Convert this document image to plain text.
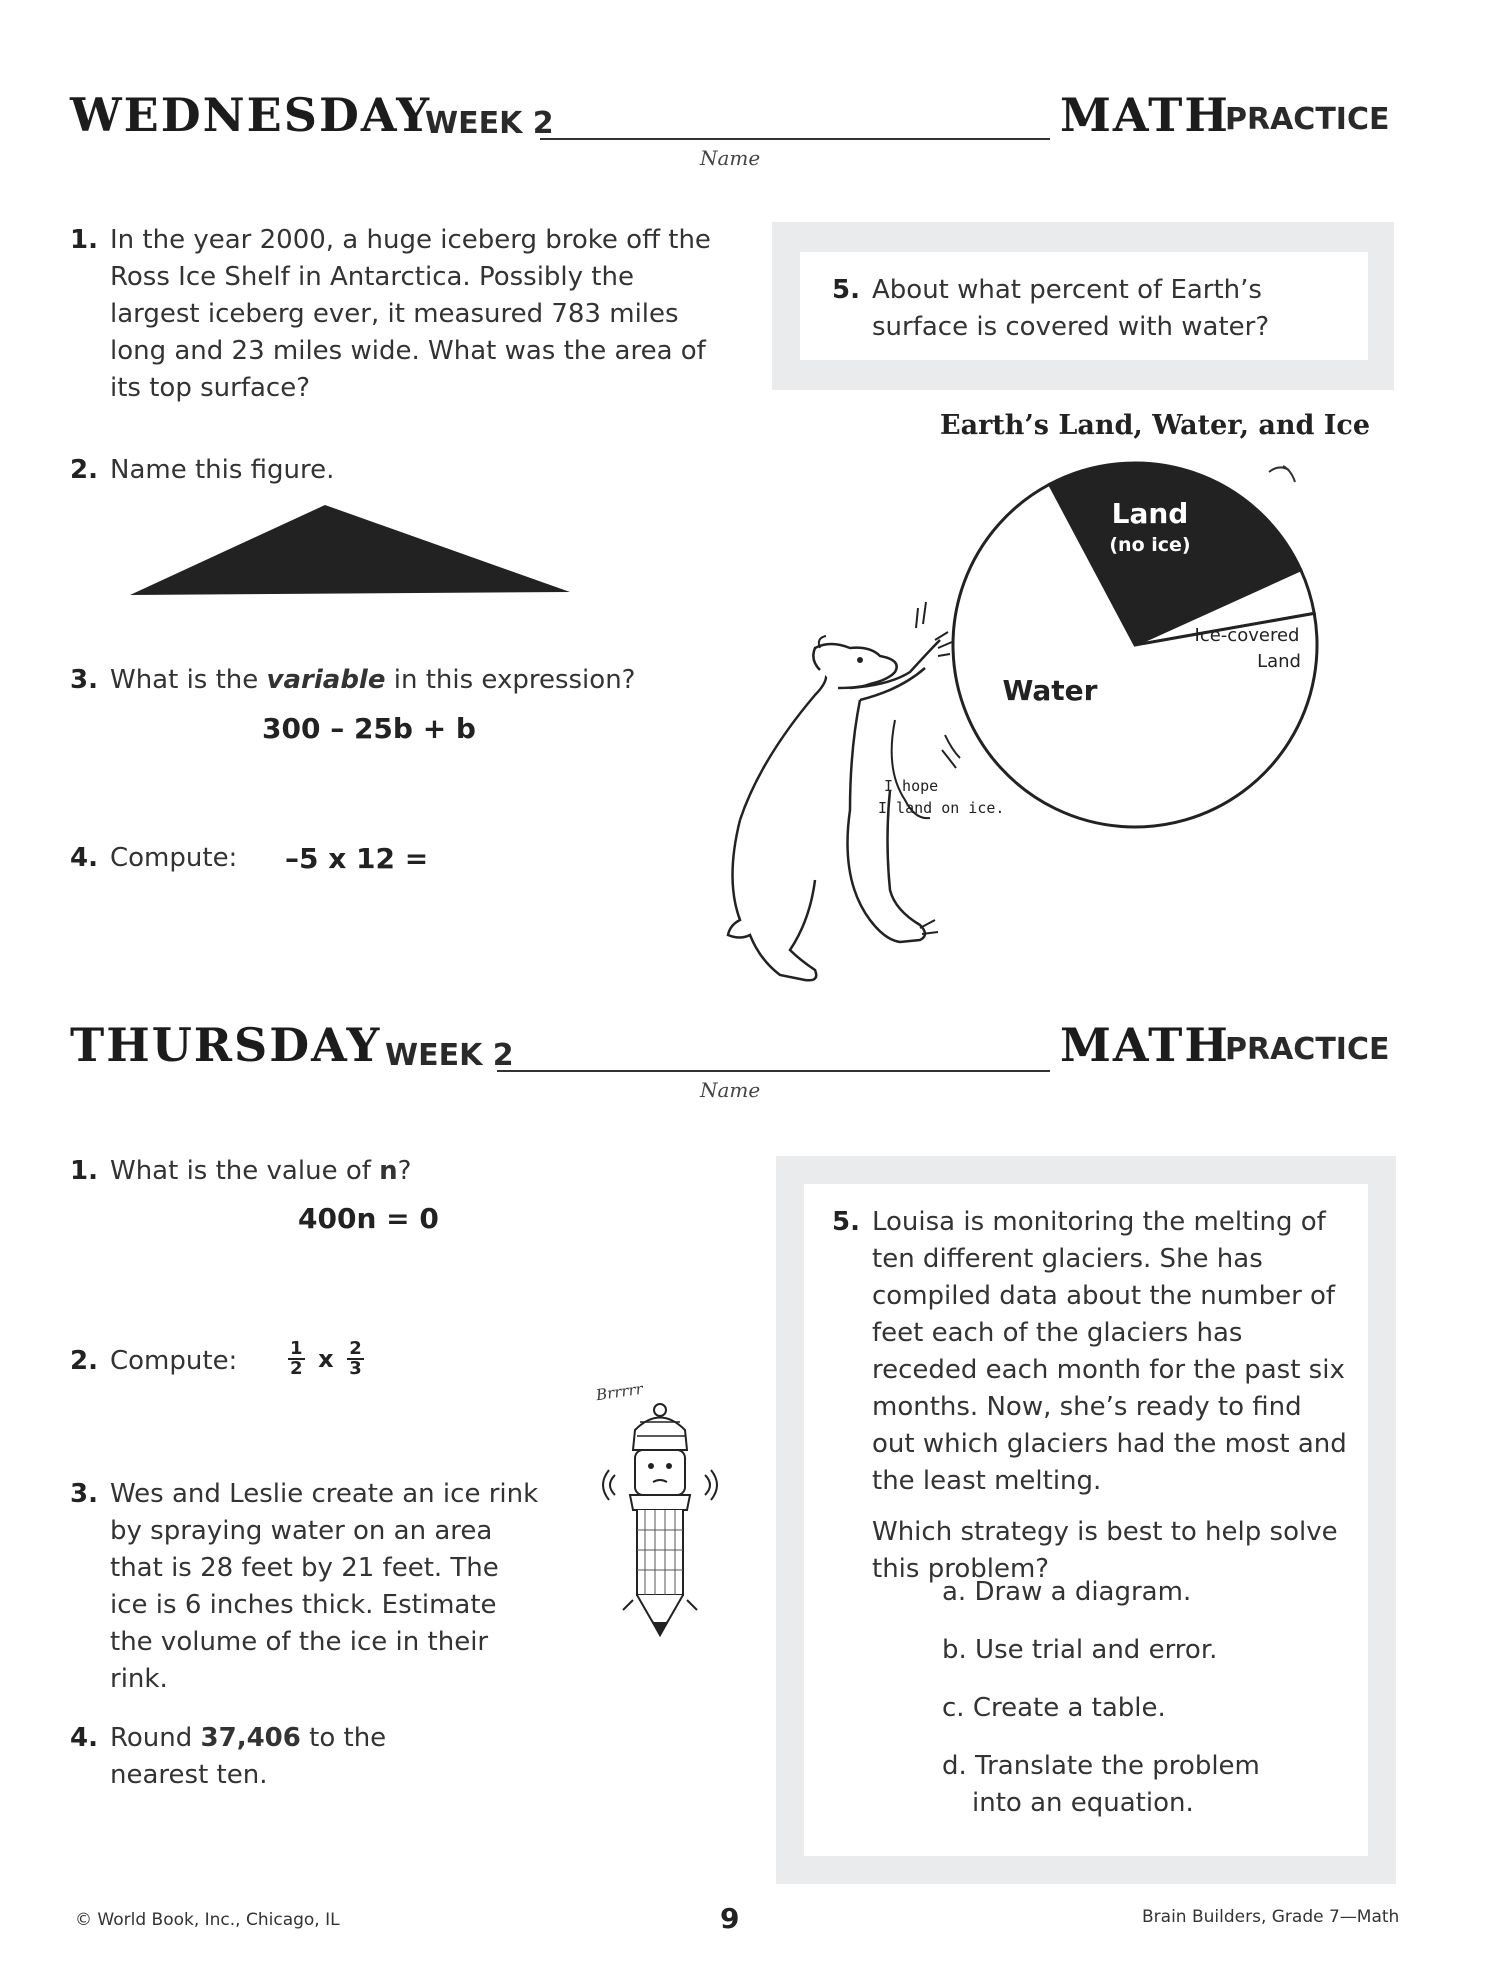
WEDNESDAY
WEEK 2
Name
MATH
PRACTICE
1. In the year 2000, a huge iceberg broke off the Ross Ice Shelf in Antarctica. Possibly the largest iceberg ever, it measured 783 miles long and 23 miles wide. What was the area of its top surface?
2. Name this figure.
3. What is the variable in this expression?
300 – 25b + b
4. Compute:	–5 x 12 =
5. About what percent of Earth’s surface is covered with water?
Earth’s Land, Water, and Ice
Land
(no ice)
Ice-covered
Land
Water
I hope
I land on ice.
THURSDAY WEEK 2
Name
MATH
PRACTICE
1. What is the value of n?
400n = 0
2. Compute:	$\frac{1}{2}$ x $\frac{2}{3}$
3. Wes and Leslie create an ice rink by spraying water on an area that is 28 feet by 21 feet. The ice is 6 inches thick. Estimate the volume of the ice in their rink.
4. Round 37,406 to the nearest ten.
Brrrrr
5. Louisa is monitoring the melting of ten different glaciers. She has compiled data about the number of feet each of the glaciers has receded each month for the past six months. Now, she’s ready to find out which glaciers had the most and the least melting.
Which strategy is best to help solve this problem?
a. Draw a diagram.
b. Use trial and error.
c. Create a table.
d. Translate the problem into an equation.
© World Book, Inc., Chicago, IL	9	Brain Builders, Grade 7—Math
